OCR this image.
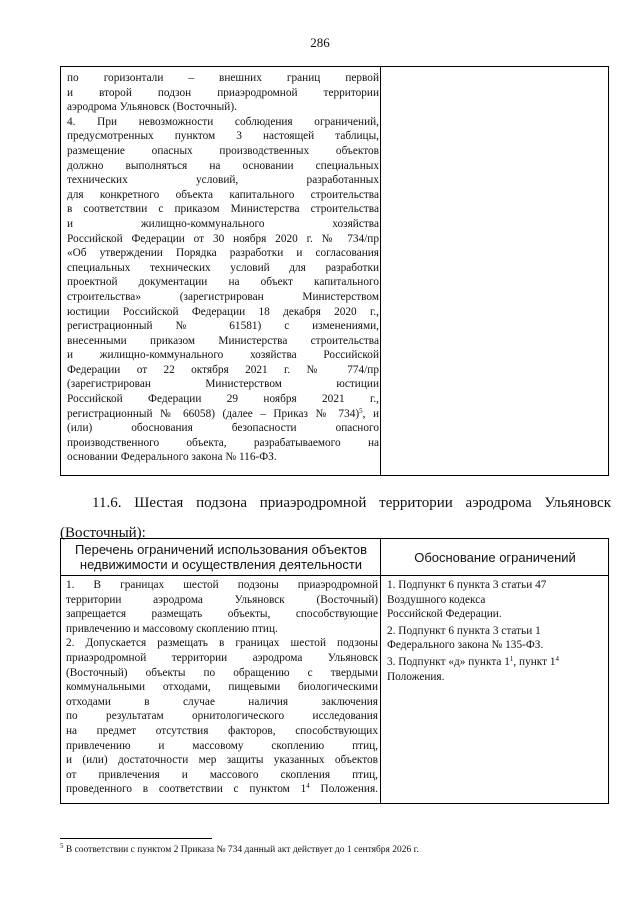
286

по горизонтали – внешних границ первой

и второй подзон приаэродромной территории

аэродрома Ульяновск (Восточный).

4. При невозможности соблюдения ограничений,

предусмотренных пунктом 3 настоящей таблицы,

размещение опасных производственных объектов

должно выполняться на основании специальных

технических условий, разработанных

для конкретного объекта капитального строительства

в соответствии с приказом Министерства строительства

и жилищно-коммунального хозяйства

Российской Федерации от 30 ноября 2020 г. № 734/пр

«Об утверждении Порядка разработки и согласования

специальных технических условий для разработки

проектной документации на объект капитального

строительства» (зарегистрирован Министерством

юстиции Российской Федерации 18 декабря 2020 г.,

регистрационный № 61581) с изменениями,

внесенными приказом Министерства строительства

и жилищно-коммунального хозяйства Российской

Федерации от 22 октября 2021 г. № 774/пр

(зарегистрирован Министерством юстиции

Российской Федерации 29 ноября 2021 г.,

регистрационный № 66058) (далее – Приказ № 734)$^5$, и

(или) обоснования безопасности опасного

производственного объекта, разрабатываемого на

основании Федерального закона № 116-ФЗ.

11.6. Шестая подзона приаэродромной территории аэродрома Ульяновск
(Восточный):
Перечень ограничений использования объектов
недвижимости и осуществления деятельности	Обоснование ограничений

1. В границах шестой подзоны приаэродромной

территории аэродрома Ульяновск (Восточный)

запрещается размещать объекты, способствующие

привлечению и массовому скоплению птиц.

2. Допускается размещать в границах шестой подзоны

приаэродромной территории аэродрома Ульяновск

(Восточный) объекты по обращению с твердыми

коммунальными отходами, пищевыми биологическими

отходами в случае наличия заключения

по результатам орнитологического исследования

на предмет отсутствия факторов, способствующих

привлечению и массовому скоплению птиц,

и (или) достаточности мер защиты указанных объектов

от привлечения и массового скопления птиц,

проведенного в соответствии с пунктом $1^4$ Положения.

1. Подпункт 6 пункта 3 статьи 47

Воздушного кодекса

Российской Федерации.

2. Подпункт 6 пункта 3 статьи 1

Федерального закона № 135-ФЗ.

3. Подпункт «д» пункта $1^1$, пункт $1^4$

Положения.

$^5$ В соответствии с пунктом 2 Приказа № 734 данный акт действует до 1 сентября 2026 г.
